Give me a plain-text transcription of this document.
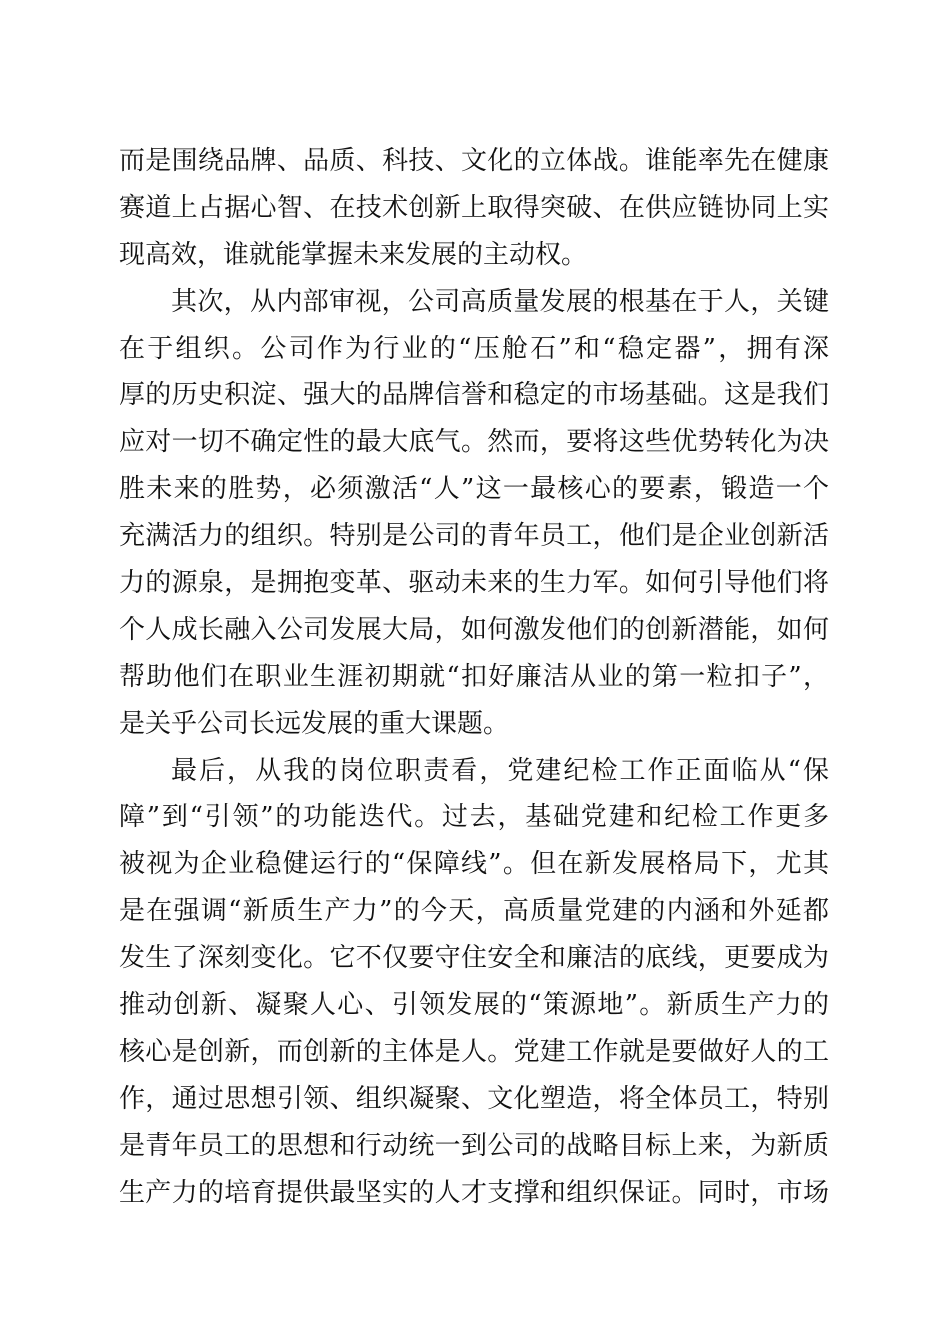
而是围绕品牌、品质、科技、文化的立体战。谁能率先在健康
赛道上占据心智、在技术创新上取得突破、在供应链协同上实
现高效，谁就能掌握未来发展的主动权。
其次，从内部审视，公司高质量发展的根基在于人，关键
在于组织。公司作为行业的“压舱石”和“稳定器”，拥有深
厚的历史积淀、强大的品牌信誉和稳定的市场基础。这是我们
应对一切不确定性的最大底气。然而，要将这些优势转化为决
胜未来的胜势，必须激活“人”这一最核心的要素，锻造一个
充满活力的组织。特别是公司的青年员工，他们是企业创新活
力的源泉，是拥抱变革、驱动未来的生力军。如何引导他们将
个人成长融入公司发展大局，如何激发他们的创新潜能，如何
帮助他们在职业生涯初期就“扣好廉洁从业的第一粒扣子”，
是关乎公司长远发展的重大课题。
最后，从我的岗位职责看，党建纪检工作正面临从“保
障”到“引领”的功能迭代。过去，基础党建和纪检工作更多
被视为企业稳健运行的“保障线”。但在新发展格局下，尤其
是在强调“新质生产力”的今天，高质量党建的内涵和外延都
发生了深刻变化。它不仅要守住安全和廉洁的底线，更要成为
推动创新、凝聚人心、引领发展的“策源地”。新质生产力的
核心是创新，而创新的主体是人。党建工作就是要做好人的工
作，通过思想引领、组织凝聚、文化塑造，将全体员工，特别
是青年员工的思想和行动统一到公司的战略目标上来，为新质
生产力的培育提供最坚实的人才支撑和组织保证。同时，市场
